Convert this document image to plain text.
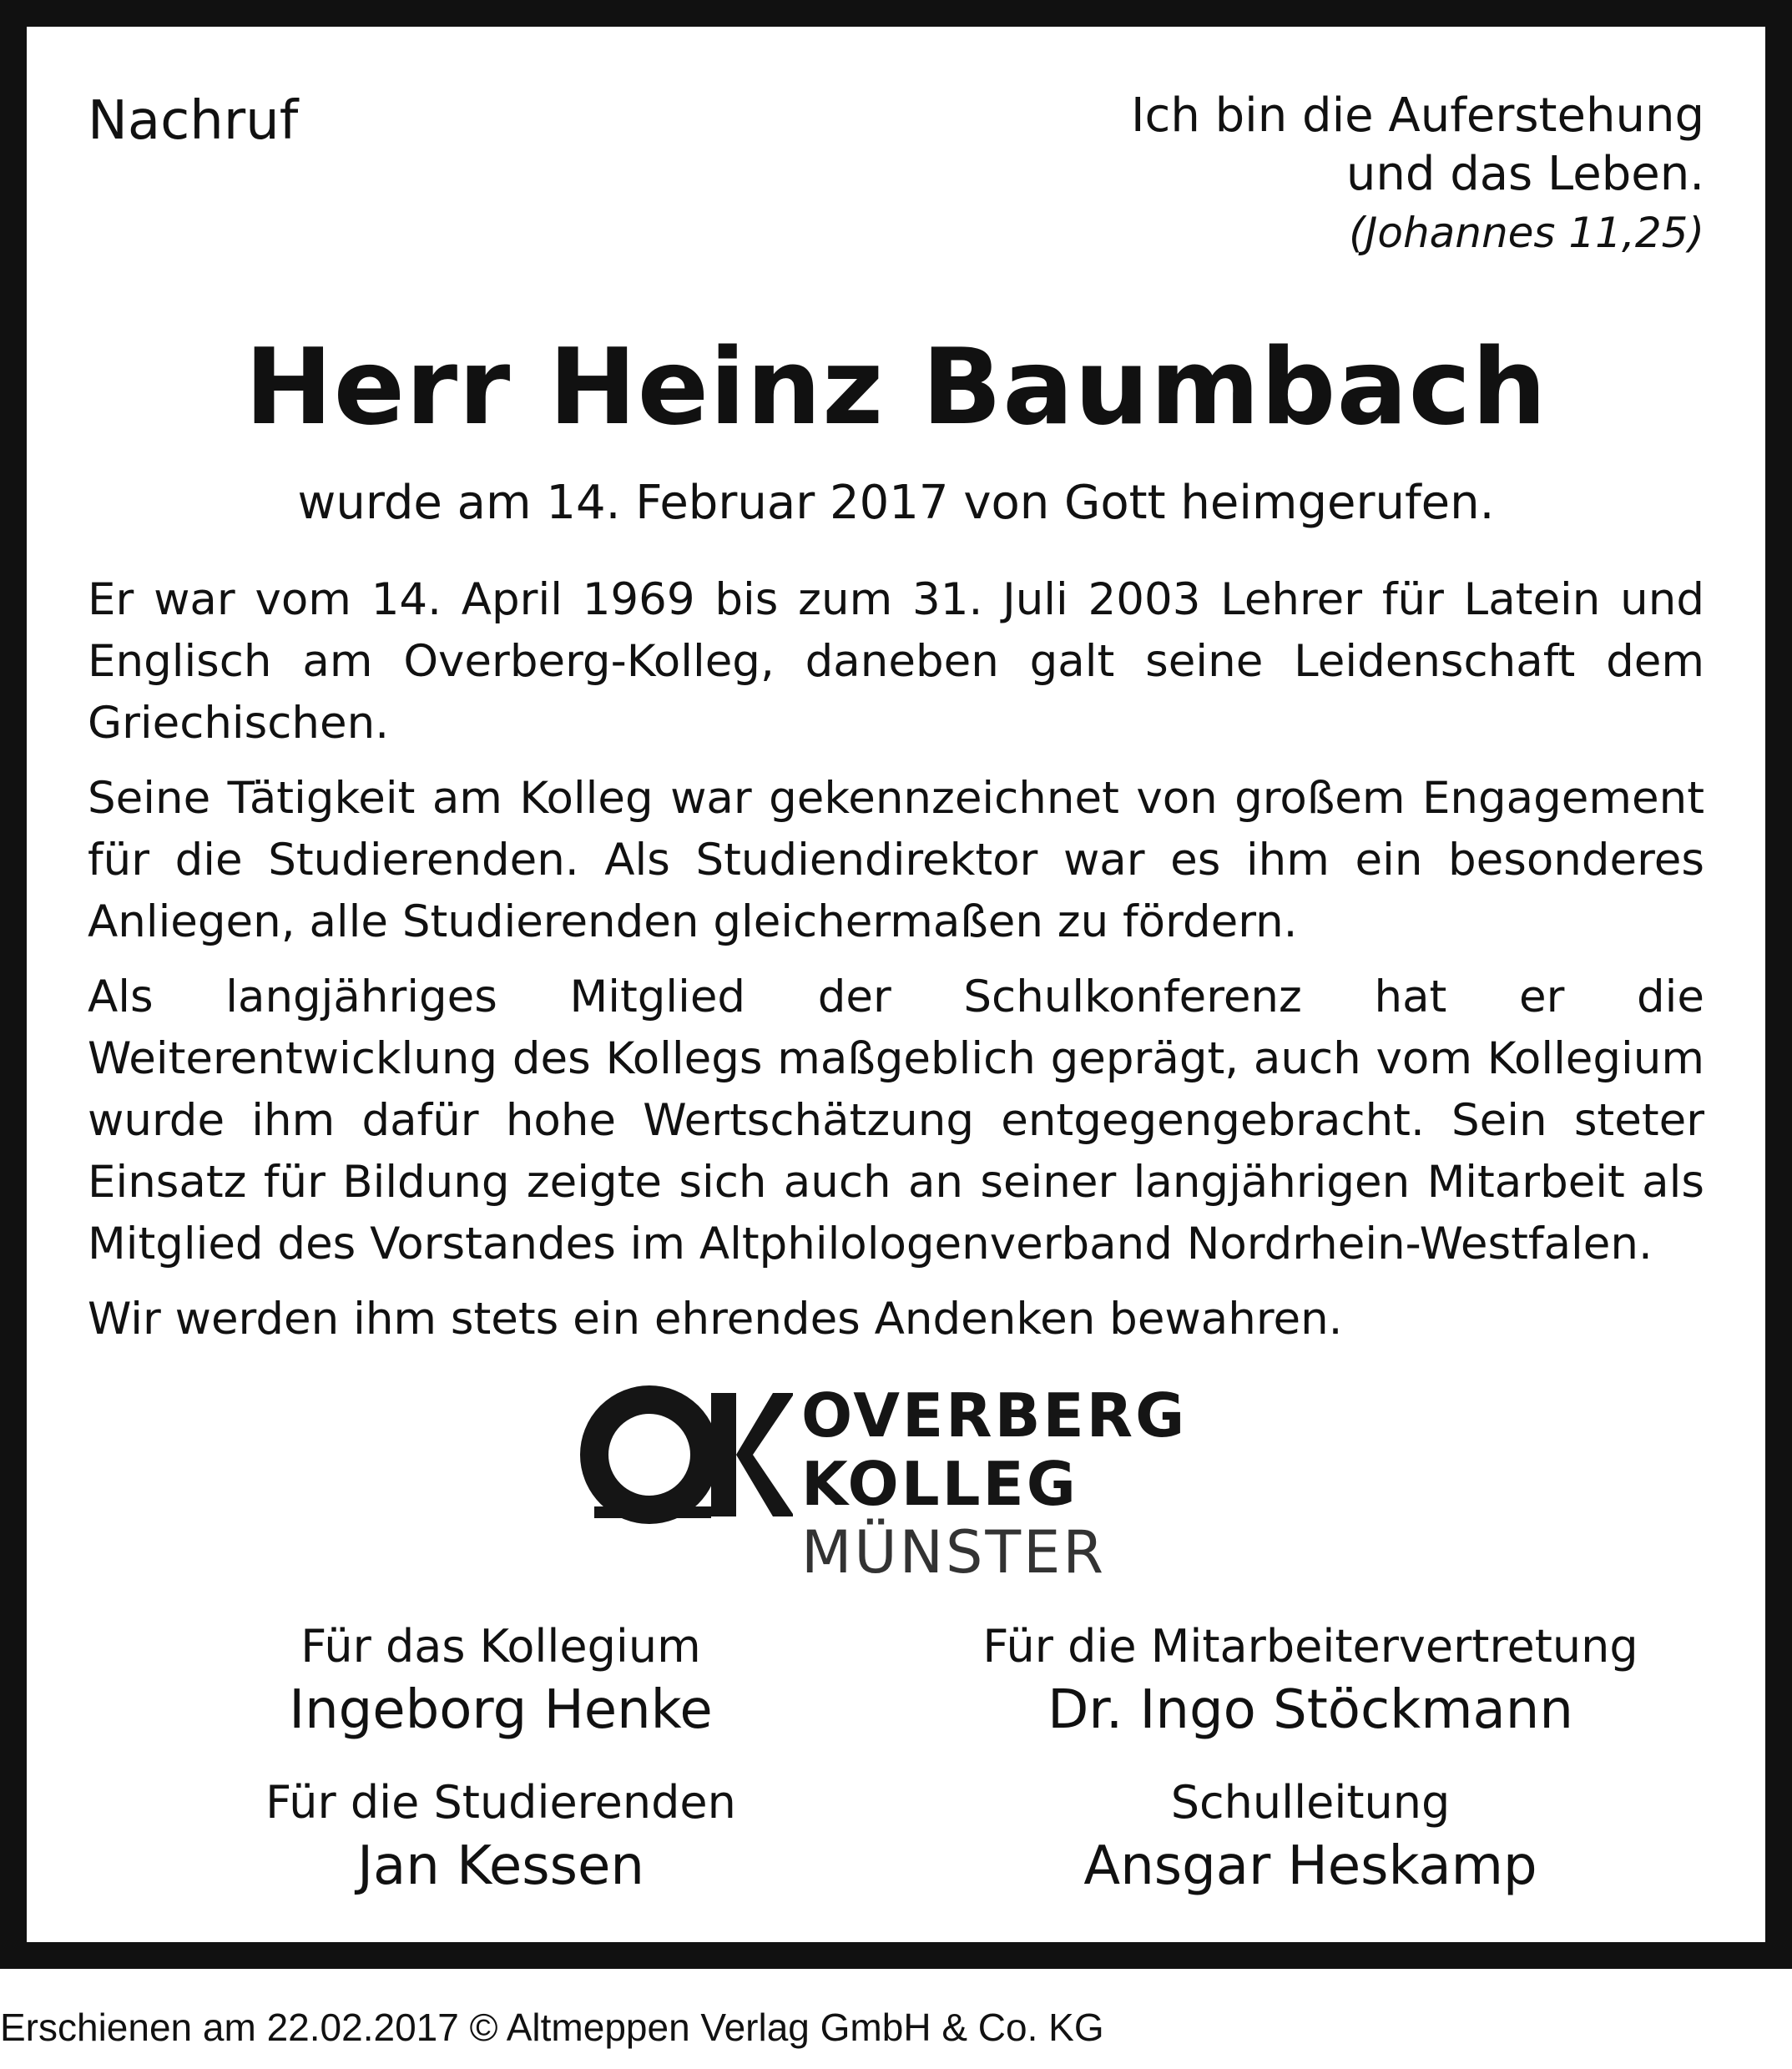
Nachruf	Ich bin die Auferstehung
und das Leben.
(Johannes 11,25)
Herr Heinz Baumbach
wurde am 14. Februar 2017 von Gott heimgerufen.

Er war vom 14. April 1969 bis zum 31. Juli 2003 Lehrer für Latein und Englisch am Overberg-Kolleg, daneben galt seine Leidenschaft dem Griechischen.

Seine Tätigkeit am Kolleg war gekennzeichnet von großem Engagement für die Studierenden. Als Studiendirektor war es ihm ein besonderes Anliegen, alle Studierenden gleichermaßen zu fördern.

Als langjähriges Mitglied der Schulkonferenz hat er die Weiterentwicklung des Kollegs maßgeblich geprägt, auch vom Kollegium wurde ihm dafür hohe Wertschätzung entgegengebracht. Sein steter Einsatz für Bildung zeigte sich auch an seiner langjährigen Mitarbeit als Mitglied des Vorstandes im Altphilologenverband Nordrhein-Westfalen.

Wir werden ihm stets ein ehrendes Andenken bewahren.

OVERBERG
KOLLEG
MÜNSTER
Für das Kollegium
Ingeborg Henke
Für die Mitarbeitervertretung
Dr. Ingo Stöckmann
Für die Studierenden
Jan Kessen
Schulleitung
Ansgar Heskamp
Erschienen am 22.02.2017 © Altmeppen Verlag GmbH & Co. KG
